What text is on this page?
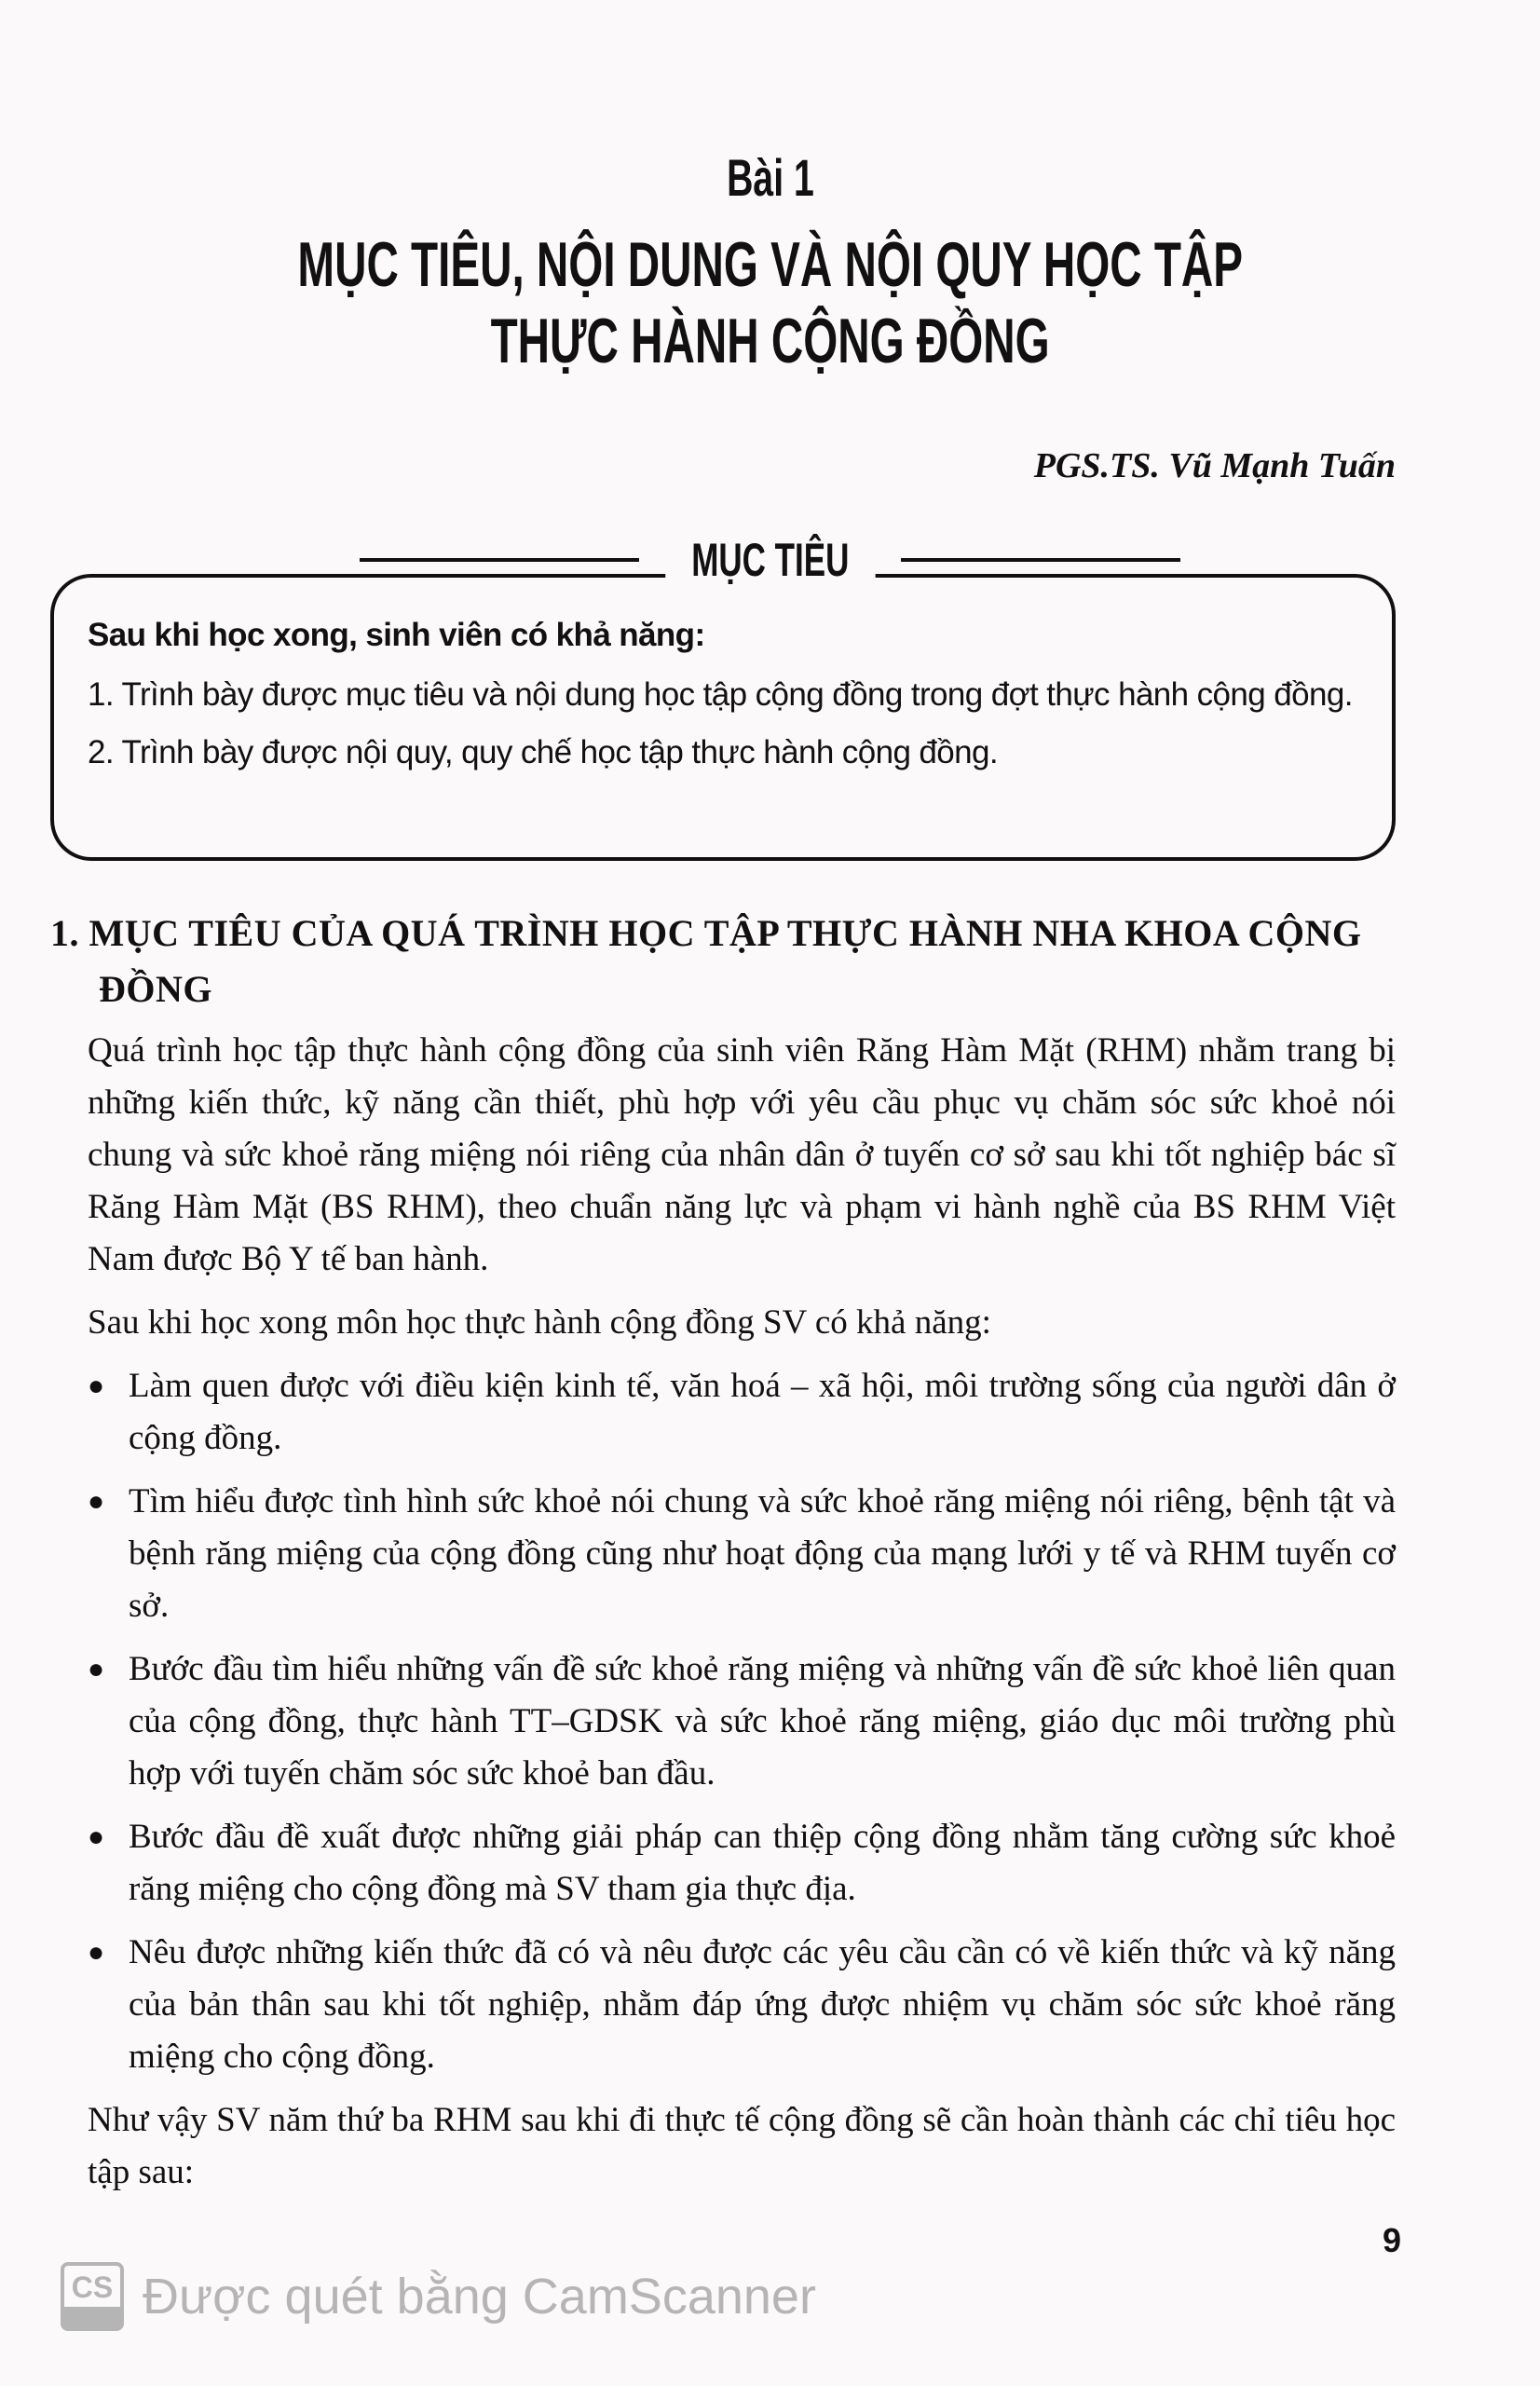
Bài 1
MỤC TIÊU, NỘI DUNG VÀ NỘI QUY HỌC TẬP
THỰC HÀNH CỘNG ĐỒNG
PGS.TS. Vũ Mạnh Tuấn
MỤC TIÊU
Sau khi học xong, sinh viên có khả năng:
1. Trình bày được mục tiêu và nội dung học tập cộng đồng trong đợt thực hành cộng đồng.
2. Trình bày được nội quy, quy chế học tập thực hành cộng đồng.
1. MỤC TIÊU CỦA QUÁ TRÌNH HỌC TẬP THỰC HÀNH NHA KHOA CỘNG ĐỒNG

Quá trình học tập thực hành cộng đồng của sinh viên Răng Hàm Mặt (RHM) nhằm trang bị những kiến thức, kỹ năng cần thiết, phù hợp với yêu cầu phục vụ chăm sóc sức khoẻ nói chung và sức khoẻ răng miệng nói riêng của nhân dân ở tuyến cơ sở sau khi tốt nghiệp bác sĩ Răng Hàm Mặt (BS RHM), theo chuẩn năng lực và phạm vi hành nghề của BS RHM Việt Nam được Bộ Y tế ban hành.

Sau khi học xong môn học thực hành cộng đồng SV có khả năng:

● Làm quen được với điều kiện kinh tế, văn hoá – xã hội, môi trường sống của người dân ở cộng đồng.
● Tìm hiểu được tình hình sức khoẻ nói chung và sức khoẻ răng miệng nói riêng, bệnh tật và bệnh răng miệng của cộng đồng cũng như hoạt động của mạng lưới y tế và RHM tuyến cơ sở.
● Bước đầu tìm hiểu những vấn đề sức khoẻ răng miệng và những vấn đề sức khoẻ liên quan của cộng đồng, thực hành TT–GDSK và sức khoẻ răng miệng, giáo dục môi trường phù hợp với tuyến chăm sóc sức khoẻ ban đầu.
● Bước đầu đề xuất được những giải pháp can thiệp cộng đồng nhằm tăng cường sức khoẻ răng miệng cho cộng đồng mà SV tham gia thực địa.
● Nêu được những kiến thức đã có và nêu được các yêu cầu cần có về kiến thức và kỹ năng của bản thân sau khi tốt nghiệp, nhằm đáp ứng được nhiệm vụ chăm sóc sức khoẻ răng miệng cho cộng đồng.

Như vậy SV năm thứ ba RHM sau khi đi thực tế cộng đồng sẽ cần hoàn thành các chỉ tiêu học tập sau:

9
CS Được quét bằng CamScanner
